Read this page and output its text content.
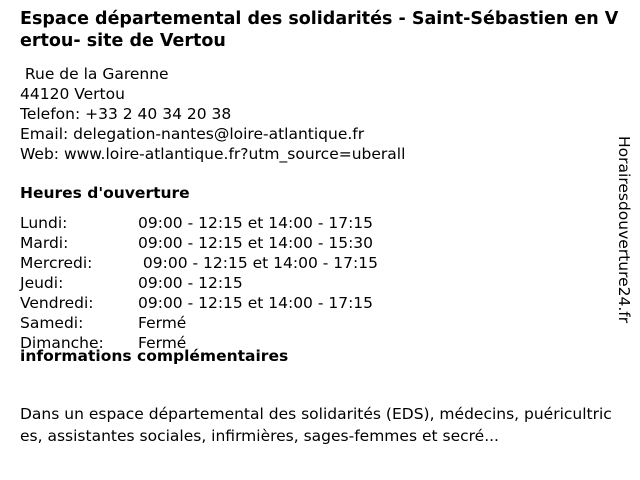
Espace départemental des solidarités - Saint-Sébastien en Vertou- site de Vertou
Rue de la Garenne
44120 Vertou
Telefon: +33 2 40 34 20 38
Email: delegation-nantes@loire-atlantique.fr
Web: www.loire-atlantique.fr?utm_source=uberall
Heures d'ouverture
Lundi:	09:00 - 12:15 et 14:00 - 17:15
Mardi:	09:00 - 12:15 et 14:00 - 15:30
Mercredi:	09:00 - 12:15 et 14:00 - 17:15
Jeudi:	09:00 - 12:15
Vendredi:	09:00 - 12:15 et 14:00 - 17:15
Samedi:	Fermé
Dimanche: Fermé
informations complémentaires

Dans un espace départemental des solidarités (EDS), médecins, puéricultrices, assistantes sociales, infirmières, sages-femmes et secré...

Horairesdouverture24.fr
